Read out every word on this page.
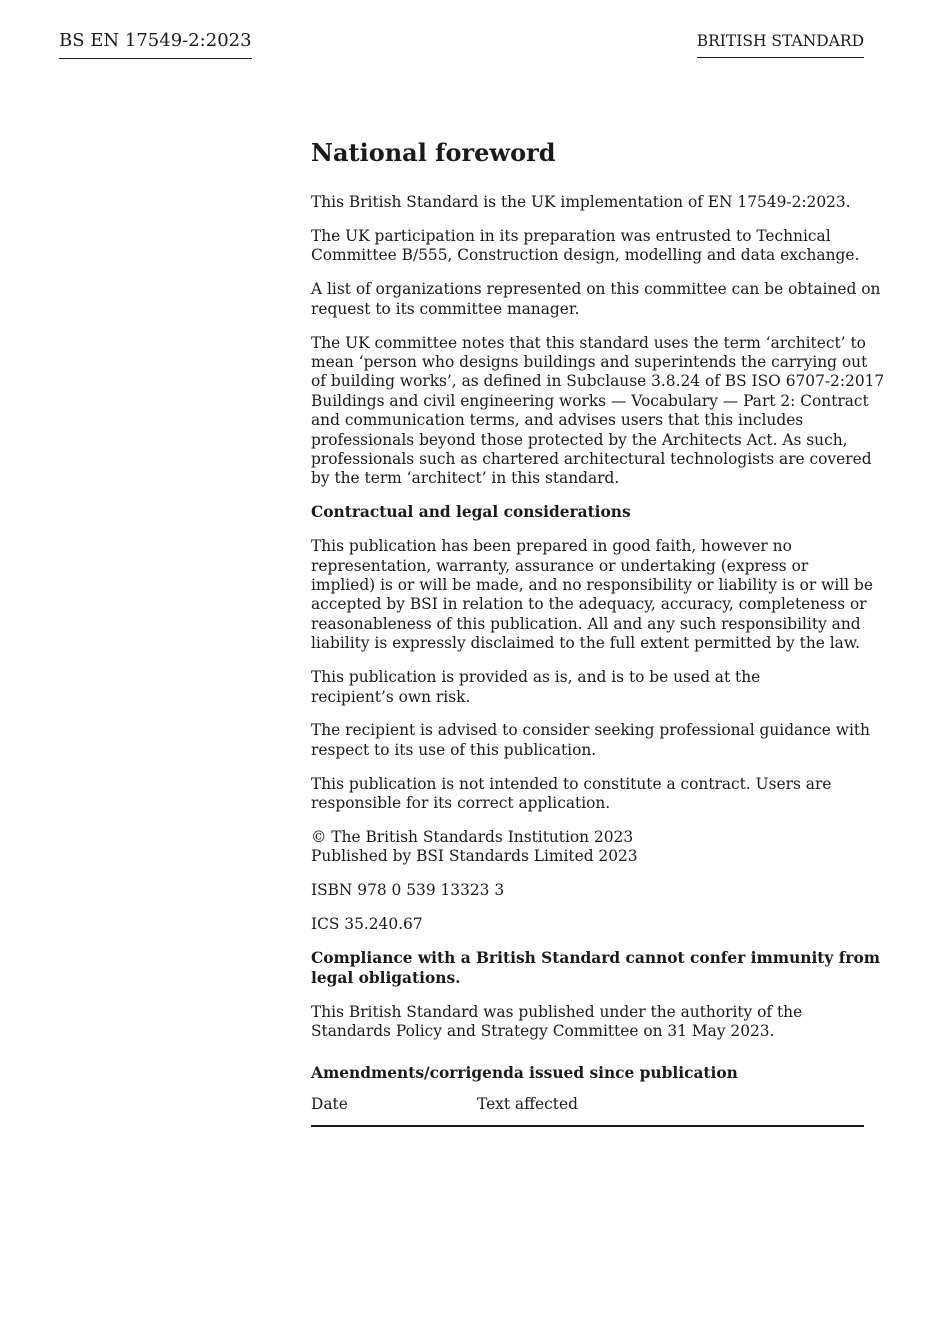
BS EN 17549-2:2023	BRITISH STANDARD
National foreword
This British Standard is the UK implementation of EN 17549-2:2023.
The UK participation in its preparation was entrusted to Technical
Committee B/555, Construction design, modelling and data exchange.
A list of organizations represented on this committee can be obtained on
request to its committee manager.
The UK committee notes that this standard uses the term ‘architect’ to
mean ‘person who designs buildings and superintends the carrying out
of building works’, as defined in Subclause 3.8.24 of BS ISO 6707-2:2017
Buildings and civil engineering works — Vocabulary — Part 2: Contract
and communication terms, and advises users that this includes
professionals beyond those protected by the Architects Act. As such,
professionals such as chartered architectural technologists are covered
by the term ‘architect’ in this standard.
Contractual and legal considerations
This publication has been prepared in good faith, however no
representation, warranty, assurance or undertaking (express or
implied) is or will be made, and no responsibility or liability is or will be
accepted by BSI in relation to the adequacy, accuracy, completeness or
reasonableness of this publication. All and any such responsibility and
liability is expressly disclaimed to the full extent permitted by the law.
This publication is provided as is, and is to be used at the
recipient’s own risk.
The recipient is advised to consider seeking professional guidance with
respect to its use of this publication.
This publication is not intended to constitute a contract. Users are
responsible for its correct application.
© The British Standards Institution 2023
Published by BSI Standards Limited 2023
ISBN 978 0 539 13323 3
ICS 35.240.67
Compliance with a British Standard cannot confer immunity from
legal obligations.
This British Standard was published under the authority of the
Standards Policy and Strategy Committee on 31 May 2023.
Amendments/corrigenda issued since publication
Date	Text affected
